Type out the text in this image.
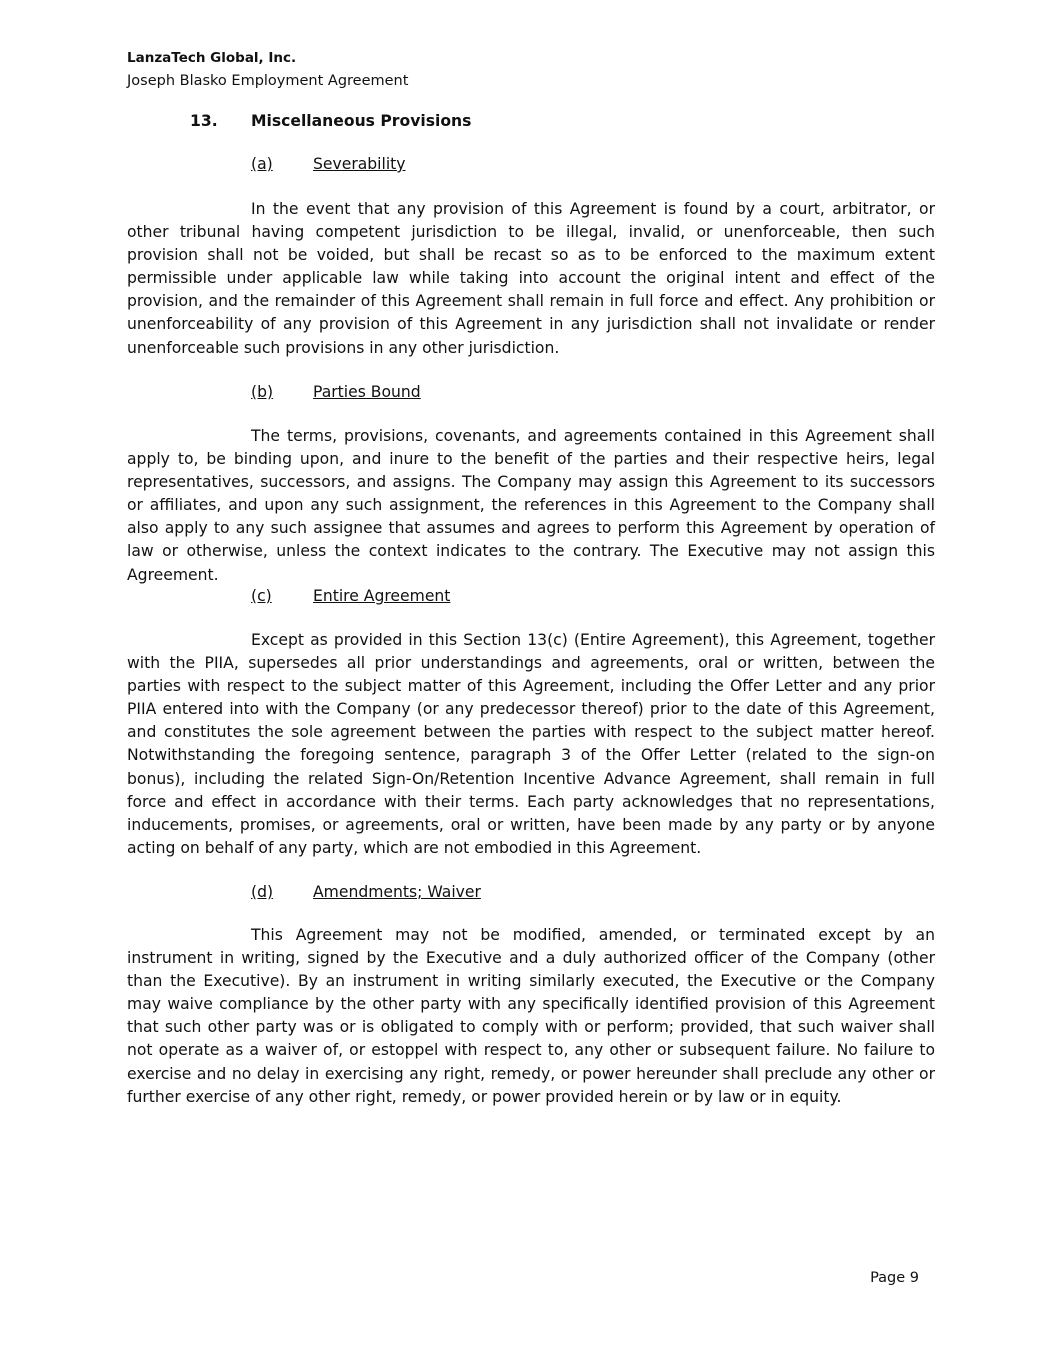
LanzaTech Global, Inc.
Joseph Blasko Employment Agreement
13. Miscellaneous Provisions
(a)	Severability

In the event that any provision of this Agreement is found by a court, arbitrator, or other tribunal having competent jurisdiction to be illegal, invalid, or unenforceable, then such provision shall not be voided, but shall be recast so as to be enforced to the maximum extent permissible under applicable law while taking into account the original intent and effect of the provision, and the remainder of this Agreement shall remain in full force and effect. Any prohibition or unenforceability of any provision of this Agreement in any jurisdiction shall not invalidate or render unenforceable such provisions in any other jurisdiction.

(b)	Parties Bound

The terms, provisions, covenants, and agreements contained in this Agreement shall apply to, be binding upon, and inure to the benefit of the parties and their respective heirs, legal representatives, successors, and assigns. The Company may assign this Agreement to its successors or affiliates, and upon any such assignment, the references in this Agreement to the Company shall also apply to any such assignee that assumes and agrees to perform this Agreement by operation of law or otherwise, unless the context indicates to the contrary. The Executive may not assign this Agreement.

(c)	Entire Agreement

Except as provided in this Section 13(c) (Entire Agreement), this Agreement, together with the PIIA, supersedes all prior understandings and agreements, oral or written, between the parties with respect to the subject matter of this Agreement, including the Offer Letter and any prior PIIA entered into with the Company (or any predecessor thereof) prior to the date of this Agreement, and constitutes the sole agreement between the parties with respect to the subject matter hereof. Notwithstanding the foregoing sentence, paragraph 3 of the Offer Letter (related to the sign-on bonus), including the related Sign-On/Retention Incentive Advance Agreement, shall remain in full force and effect in accordance with their terms. Each party acknowledges that no representations, inducements, promises, or agreements, oral or written, have been made by any party or by anyone acting on behalf of any party, which are not embodied in this Agreement.

(d)	Amendments; Waiver

This Agreement may not be modified, amended, or terminated except by an instrument in writing, signed by the Executive and a duly authorized officer of the Company (other than the Executive). By an instrument in writing similarly executed, the Executive or the Company may waive compliance by the other party with any specifically identified provision of this Agreement that such other party was or is obligated to comply with or perform; provided, that such waiver shall not operate as a waiver of, or estoppel with respect to, any other or subsequent failure. No failure to exercise and no delay in exercising any right, remedy, or power hereunder shall preclude any other or further exercise of any other right, remedy, or power provided herein or by law or in equity.

Page 9
